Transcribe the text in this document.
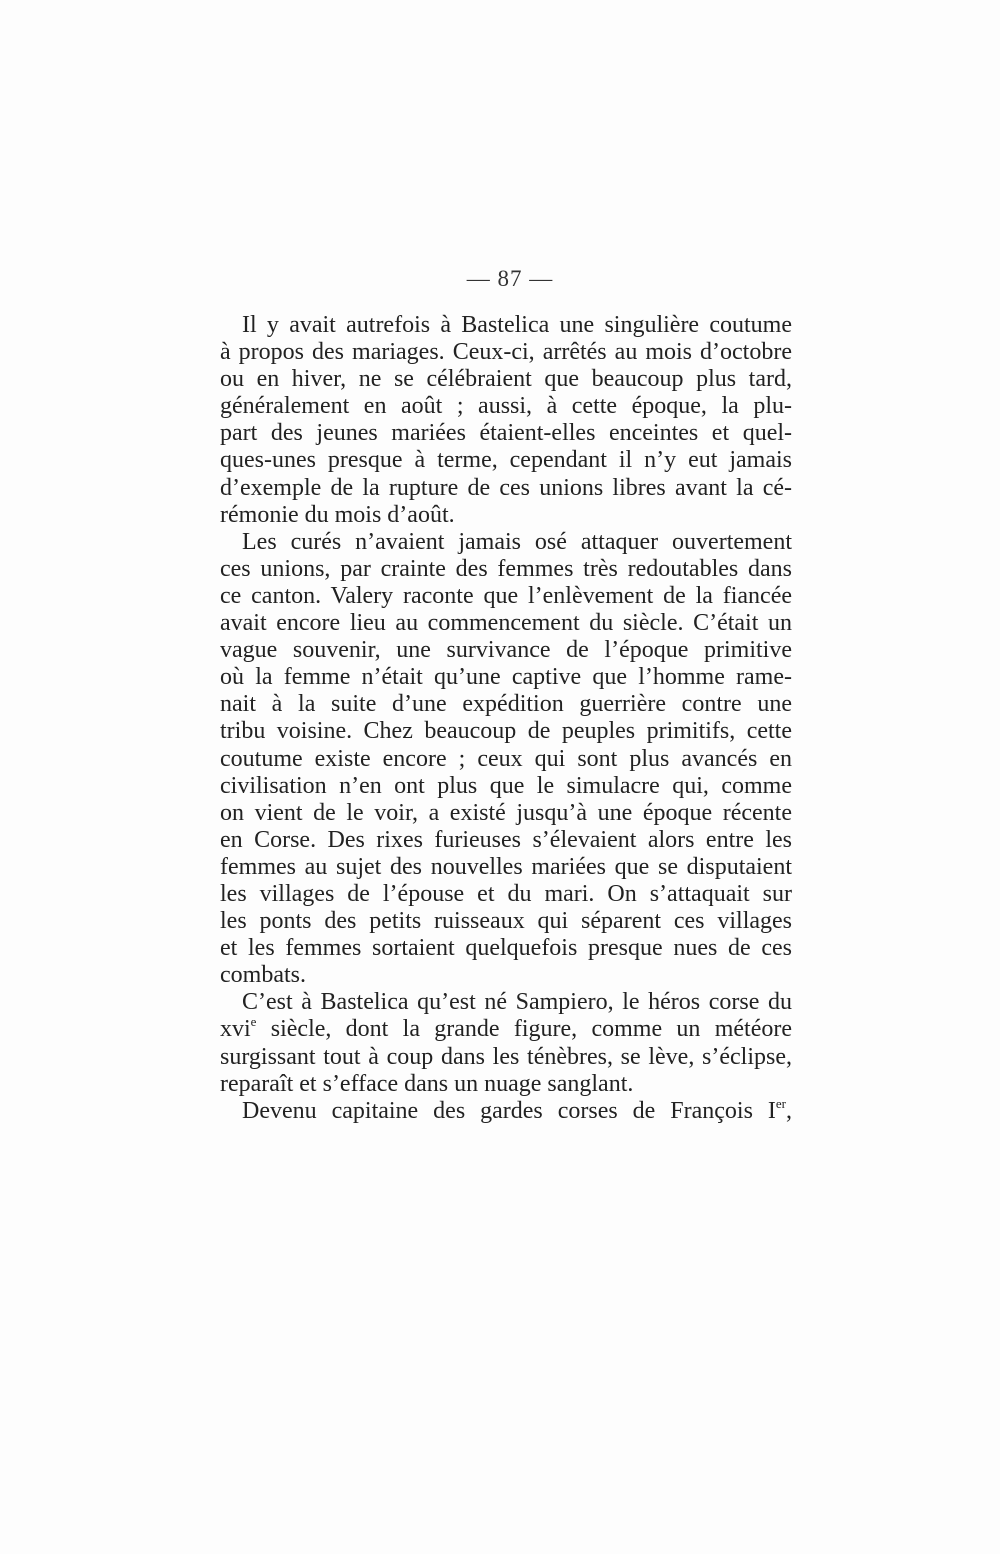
— 87 —
Il y avait autrefois à Bastelica une singulière coutume
à propos des mariages. Ceux-ci, arrêtés au mois d’octobre
ou en hiver, ne se célébraient que beaucoup plus tard,
généralement en août ; aussi, à cette époque, la plu-
part des jeunes mariées étaient-elles enceintes et quel-
ques-unes presque à terme, cependant il n’y eut jamais
d’exemple de la rupture de ces unions libres avant la cé-
rémonie du mois d’août.
Les curés n’avaient jamais osé attaquer ouvertement
ces unions, par crainte des femmes très redoutables dans
ce canton. Valery raconte que l’enlèvement de la fiancée
avait encore lieu au commencement du siècle. C’était un
vague souvenir, une survivance de l’époque primitive
où la femme n’était qu’une captive que l’homme rame-
nait à la suite d’une expédition guerrière contre une
tribu voisine. Chez beaucoup de peuples primitifs, cette
coutume existe encore ; ceux qui sont plus avancés en
civilisation n’en ont plus que le simulacre qui, comme
on vient de le voir, a existé jusqu’à une époque récente
en Corse. Des rixes furieuses s’élevaient alors entre les
femmes au sujet des nouvelles mariées que se disputaient
les villages de l’épouse et du mari. On s’attaquait sur
les ponts des petits ruisseaux qui séparent ces villages
et les femmes sortaient quelquefois presque nues de ces
combats.
C’est à Bastelica qu’est né Sampiero, le héros corse du
xvi$^e$ siècle, dont la grande figure, comme un météore
surgissant tout à coup dans les ténèbres, se lève, s’éclipse,
reparaît et s’efface dans un nuage sanglant.
Devenu capitaine des gardes corses de François Ier,
